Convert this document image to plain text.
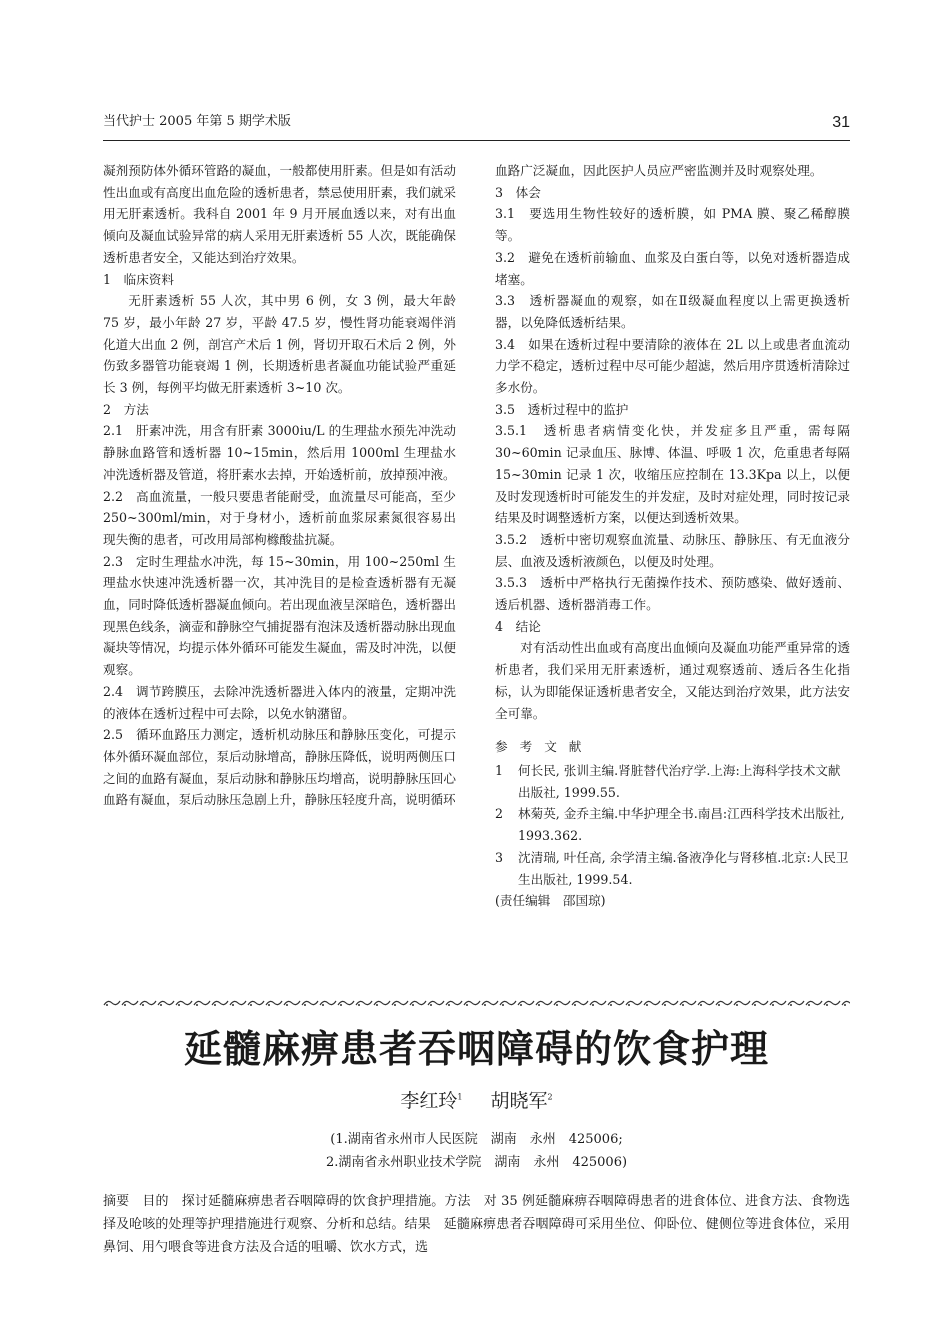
当代护士 2005 年第 5 期学术版	31

凝剂预防体外循环管路的凝血，一般都使用肝素。但是如有活动性出血或有高度出血危险的透析患者，禁忌使用肝素，我们就采用无肝素透析。我科自 2001 年 9 月开展血透以来，对有出血倾向及凝血试验异常的病人采用无肝素透析 55 人次，既能确保透析患者安全，又能达到治疗效果。

1　临床资料

无肝素透析 55 人次，其中男 6 例，女 3 例，最大年龄 75 岁，最小年龄 27 岁，平龄 47.5 岁，慢性肾功能衰竭伴消化道大出血 2 例，剖宫产术后 1 例，肾切开取石术后 2 例，外伤致多器管功能衰竭 1 例，长期透析患者凝血功能试验严重延长 3 例，每例平均做无肝素透析 3~10 次。

2　方法

2.1　肝素冲洗，用含有肝素 3000iu/L 的生理盐水预先冲洗动静脉血路管和透析器 10~15min，然后用 1000ml 生理盐水冲洗透析器及管道，将肝素水去掉，开始透析前，放掉预冲液。

2.2　高血流量，一般只要患者能耐受，血流量尽可能高，至少 250~300ml/min，对于身材小，透析前血浆尿素氮很容易出现失衡的患者，可改用局部枸橼酸盐抗凝。

2.3　定时生理盐水冲洗，每 15~30min，用 100~250ml 生理盐水快速冲洗透析器一次，其冲洗目的是检查透析器有无凝血，同时降低透析器凝血倾向。若出现血液呈深暗色，透析器出现黑色线条，滴壶和静脉空气捕捉器有泡沫及透析器动脉出现血凝块等情况，均提示体外循环可能发生凝血，需及时冲洗，以便观察。

2.4　调节跨膜压，去除冲洗透析器进入体内的液量，定期冲洗的液体在透析过程中可去除，以免水钠潴留。

2.5　循环血路压力测定，透析机动脉压和静脉压变化，可提示体外循环凝血部位，泵后动脉增高，静脉压降低，说明两侧压口之间的血路有凝血，泵后动脉和静脉压均增高，说明静脉压回心血路有凝血，泵后动脉压急剧上升，静脉压轻度升高，说明循环

血路广泛凝血，因此医护人员应严密监测并及时观察处理。

3　体会

3.1　要选用生物性较好的透析膜，如 PMA 膜、聚乙稀醇膜等。

3.2　避免在透析前输血、血浆及白蛋白等，以免对透析器造成堵塞。

3.3　透析器凝血的观察，如在Ⅱ级凝血程度以上需更换透析器，以免降低透析结果。

3.4　如果在透析过程中要清除的液体在 2L 以上或患者血流动力学不稳定，透析过程中尽可能少超滤，然后用序贯透析清除过多水份。

3.5　透析过程中的监护

3.5.1　透析患者病情变化快，并发症多且严重，需每隔 30~60min 记录血压、脉博、体温、呼吸 1 次，危重患者每隔 15~30min 记录 1 次，收缩压应控制在 13.3Kpa 以上，以便及时发现透析时可能发生的并发症，及时对症处理，同时按记录结果及时调整透析方案，以便达到透析效果。

3.5.2　透析中密切观察血流量、动脉压、静脉压、有无血液分层、血液及透析液颜色，以便及时处理。

3.5.3　透析中严格执行无菌操作技术、预防感染、做好透前、透后机器、透析器消毒工作。

4　结论

对有活动性出血或有高度出血倾向及凝血功能严重异常的透析患者，我们采用无肝素透析，通过观察透前、透后各生化指标，认为即能保证透析患者安全，又能达到治疗效果，此方法安全可靠。

参 考 文 献

1 何长民, 张训主编.肾脏替代治疗学.上海:上海科学技术文献出版社, 1999.55.
2 林菊英, 金乔主编.中华护理全书.南昌:江西科学技术出版社, 1993.362.
3 沈清瑞, 叶任高, 余学清主编.备液净化与肾移植.北京:人民卫生出版社, 1999.54.

(责任编辑　邵国琼)

延髓麻痹患者吞咽障碍的饮食护理
李红玲$^1$ 胡晓军$^2$
(1.湖南省永州市人民医院　湖南　永州　425006;
2.湖南省永州职业技术学院　湖南　永州　425006)

摘要　目的　探讨延髓麻痹患者吞咽障碍的饮食护理措施。方法　对 35 例延髓麻痹吞咽障碍患者的进食体位、进食方法、食物选择及呛咳的处理等护理措施进行观察、分析和总结。结果　延髓麻痹患者吞咽障碍可采用坐位、仰卧位、健侧位等进食体位，采用鼻饲、用勺喂食等进食方法及合适的咀嚼、饮水方式，选
